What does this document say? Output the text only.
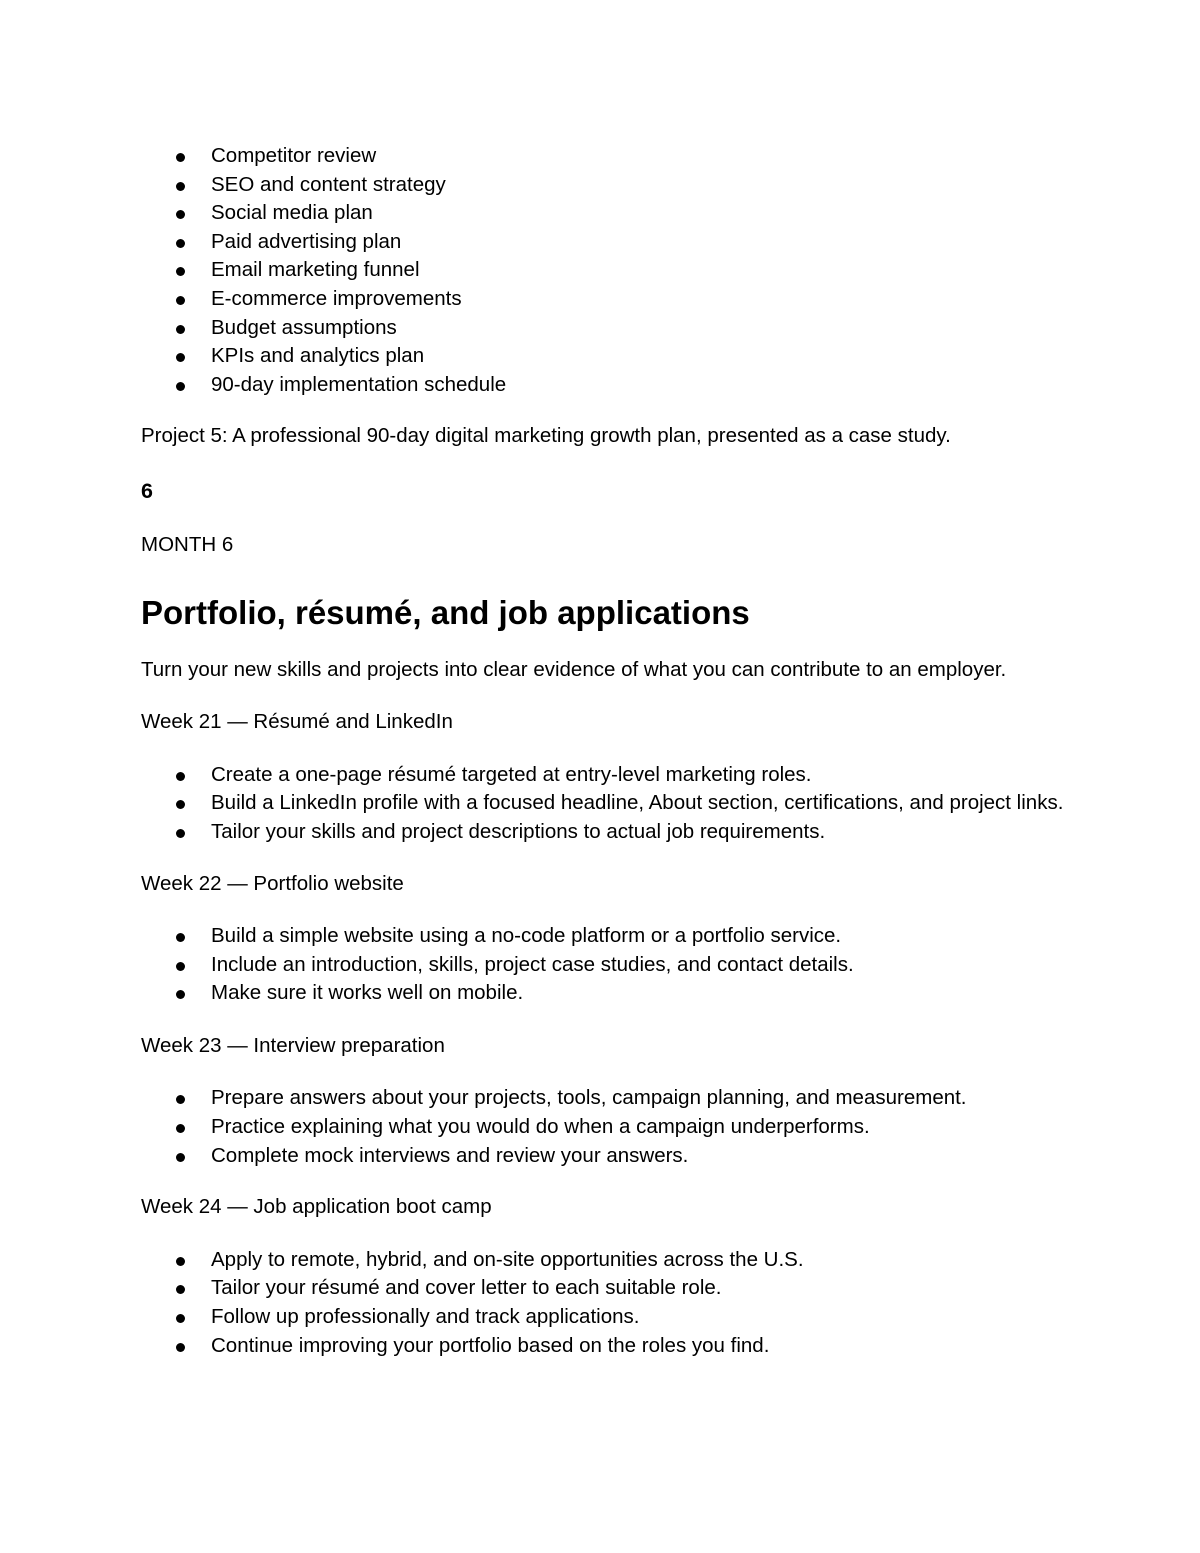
Competitor review
SEO and content strategy
Social media plan
Paid advertising plan
Email marketing funnel
E-commerce improvements
Budget assumptions
KPIs and analytics plan
90-day implementation schedule

Project 5: A professional 90-day digital marketing growth plan, presented as a case study.

6

MONTH 6

Portfolio, résumé, and job applications

Turn your new skills and projects into clear evidence of what you can contribute to an employer.

Week 21 — Résumé and LinkedIn

Create a one-page résumé targeted at entry-level marketing roles.
Build a LinkedIn profile with a focused headline, About section, certifications, and project links.
Tailor your skills and project descriptions to actual job requirements.

Week 22 — Portfolio website

Build a simple website using a no-code platform or a portfolio service.
Include an introduction, skills, project case studies, and contact details.
Make sure it works well on mobile.

Week 23 — Interview preparation

Prepare answers about your projects, tools, campaign planning, and measurement.
Practice explaining what you would do when a campaign underperforms.
Complete mock interviews and review your answers.

Week 24 — Job application boot camp

Apply to remote, hybrid, and on-site opportunities across the U.S.
Tailor your résumé and cover letter to each suitable role.
Follow up professionally and track applications.
Continue improving your portfolio based on the roles you find.
